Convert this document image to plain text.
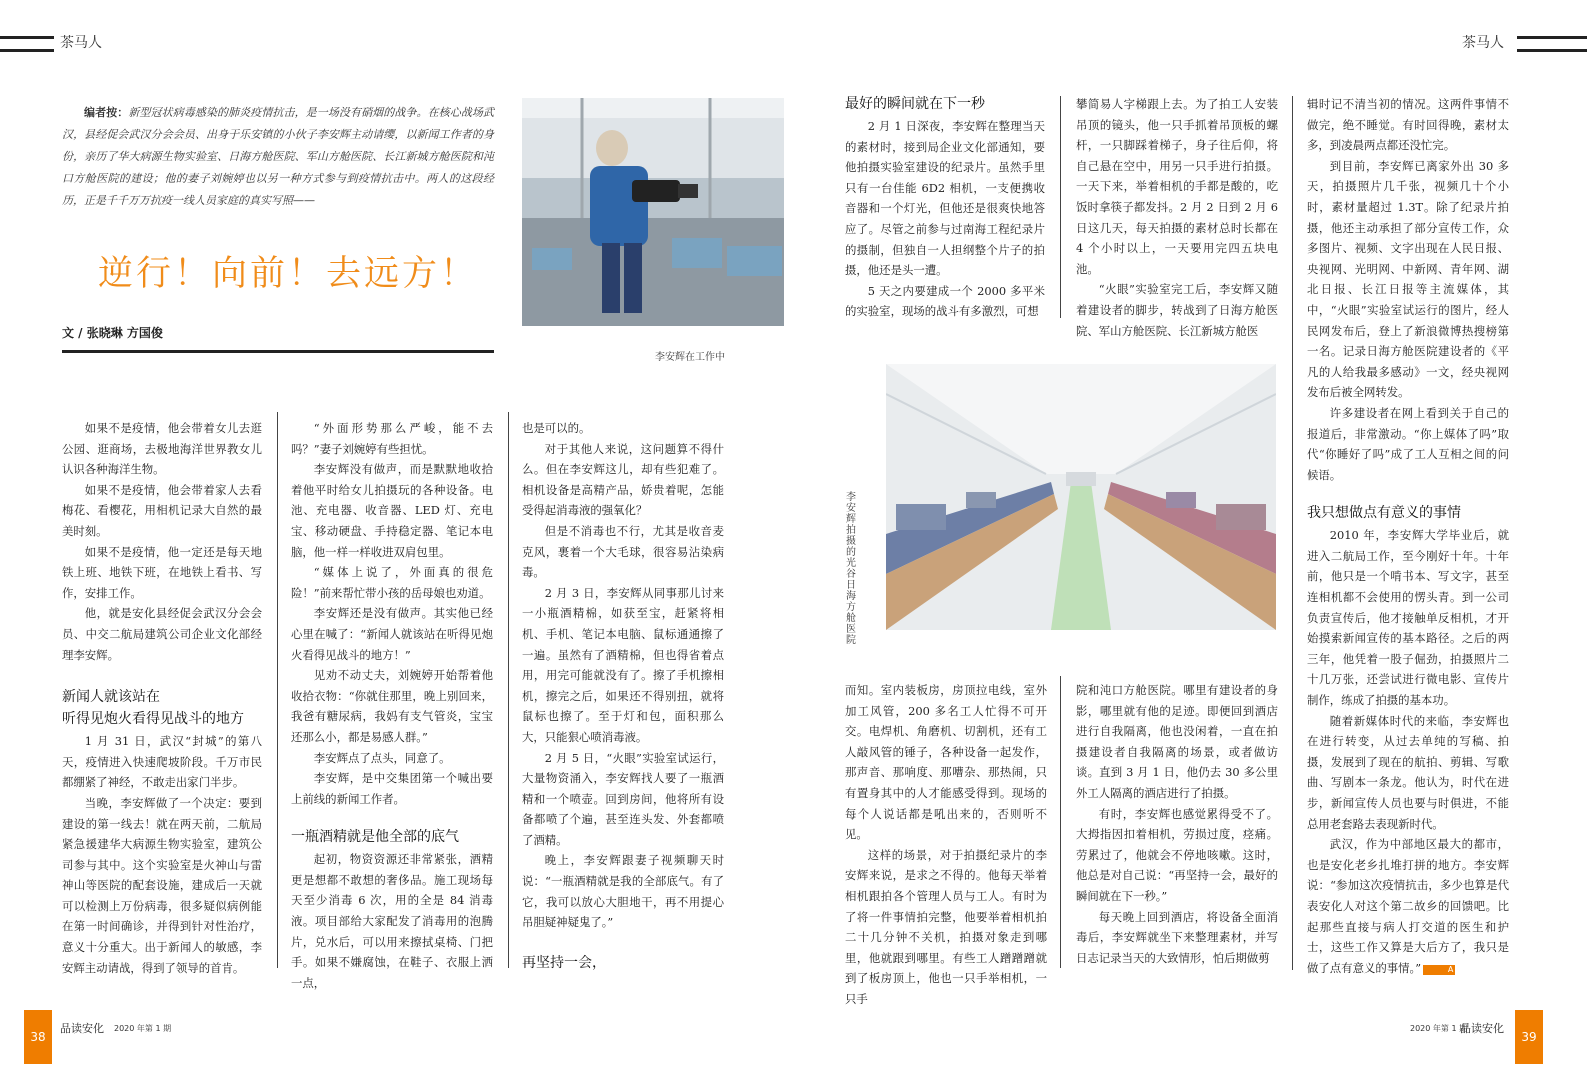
茶马人	茶马人
编者按：新型冠状病毒感染的肺炎疫情抗击，是一场没有硝烟的战争。在核心战场武汉，县经促会武汉分会会员、出身于乐安镇的小伙子李安辉主动请缨，以新闻工作者的身份，亲历了华大病源生物实验室、日海方舱医院、军山方舱医院、长江新城方舱医院和沌口方舱医院的建设；他的妻子刘婉婷也以另一种方式参与到疫情抗击中。两人的这段经历，正是千千万万抗疫一线人员家庭的真实写照——
逆行！向前！去远方！
文 / 张晓琳 方国俊
李安辉在工作中

如果不是疫情，他会带着女儿去逛公园、逛商场，去极地海洋世界教女儿认识各种海洋生物。

如果不是疫情，他会带着家人去看梅花、看樱花，用相机记录大自然的最美时刻。

如果不是疫情，他一定还是每天地铁上班、地铁下班，在地铁上看书、写作，安排工作。

他，就是安化县经促会武汉分会会员、中交二航局建筑公司企业文化部经理李安辉。

新闻人就该站在
听得见炮火看得见战斗的地方

1 月 31 日，武汉“封城”的第八天，疫情进入快速爬坡阶段。千万市民都绷紧了神经，不敢走出家门半步。

当晚，李安辉做了一个决定：要到建设的第一线去！就在两天前，二航局紧急援建华大病源生物实验室，建筑公司参与其中。这个实验室是火神山与雷神山等医院的配套设施，建成后一天就可以检测上万份病毒，很多疑似病例能在第一时间确诊，并得到针对性治疗，意义十分重大。出于新闻人的敏感，李安辉主动请战，得到了领导的首肯。

“外面形势那么严峻，能不去吗？”妻子刘婉婷有些担忧。

李安辉没有做声，而是默默地收拾着他平时给女儿拍摄玩的各种设备。电池、充电器、收音器、LED 灯、充电宝、移动硬盘、手持稳定器、笔记本电脑，他一样一样收进双肩包里。

“媒体上说了，外面真的很危险！”前来帮忙带小孩的岳母娘也劝道。

李安辉还是没有做声。其实他已经心里在喊了：“新闻人就该站在听得见炮火看得见战斗的地方！”

见劝不动丈夫，刘婉婷开始帮着他收拾衣物：“你就住那里，晚上别回来，我爸有糖尿病，我妈有支气管炎，宝宝还那么小，都是易感人群。”

李安辉点了点头，同意了。

李安辉，是中交集团第一个喊出要上前线的新闻工作者。

一瓶酒精就是他全部的底气

起初，物资资源还非常紧张，酒精更是想都不敢想的奢侈品。施工现场每天至少消毒 6 次，用的全是 84 消毒液。项目部给大家配发了消毒用的泡腾片，兑水后，可以用来擦拭桌椅、门把手。如果不嫌腐蚀，在鞋子、衣服上洒一点，

也是可以的。

对于其他人来说，这问题算不得什么。但在李安辉这儿，却有些犯难了。相机设备是高精产品，娇贵着呢，怎能受得起消毒液的强氧化？

但是不消毒也不行，尤其是收音麦克风，裹着一个大毛球，很容易沾染病毒。

2 月 3 日，李安辉从同事那儿讨来一小瓶酒精棉，如获至宝，赶紧将相机、手机、笔记本电脑、鼠标通通擦了一遍。虽然有了酒精棉，但也得省着点用，用完可能就没有了。擦了手机擦相机，擦完之后，如果还不得别扭，就将鼠标也擦了。至于灯和包，面积那么大，只能狠心喷消毒液。

2 月 5 日，“火眼”实验室试运行，大量物资涌入，李安辉找人要了一瓶酒精和一个喷壶。回到房间，他将所有设备都喷了个遍，甚至连头发、外套都喷了酒精。

晚上，李安辉跟妻子视频聊天时说：“一瓶酒精就是我的全部底气。有了它，我可以放心大胆地干，再不用提心吊胆疑神疑鬼了。”

再坚持一会，
最好的瞬间就在下一秒

2 月 1 日深夜，李安辉在整理当天的素材时，接到局企业文化部通知，要他拍摄实验室建设的纪录片。虽然手里只有一台佳能 6D2 相机，一支便携收音器和一个灯光，但他还是很爽快地答应了。尽管之前参与过南海工程纪录片的摄制，但独自一人担纲整个片子的拍摄，他还是头一遭。

5 天之内要建成一个 2000 多平米的实验室，现场的战斗有多激烈，可想

攀简易人字梯跟上去。为了拍工人安装吊顶的镜头，他一只手抓着吊顶板的螺杆，一只脚踩着梯子，身子往后仰，将自己悬在空中，用另一只手进行拍摄。一天下来，举着相机的手都是酸的，吃饭时拿筷子都发抖。2 月 2 日到 2 月 6 日这几天，每天拍摄的素材总时长都在 4 个小时以上，一天要用完四五块电池。

“火眼”实验室完工后，李安辉又随着建设者的脚步，转战到了日海方舱医院、军山方舱医院、长江新城方舱医

辑时记不清当初的情况。这两件事情不做完，绝不睡觉。有时回得晚，素材太多，到凌晨两点都还没忙完。

到目前，李安辉已离家外出 30 多天，拍摄照片几千张，视频几十个小时，素材量超过 1.3T。除了纪录片拍摄，他还主动承担了部分宣传工作，众多图片、视频、文字出现在人民日报、央视网、光明网、中新网、青年网、湖北日报、长江日报等主流媒体，其中，“火眼”实验室试运行的图片，经人民网发布后，登上了新浪微博热搜榜第一名。记录日海方舱医院建设者的《平凡的人给我最多感动》一文，经央视网发布后被全网转发。

许多建设者在网上看到关于自己的报道后，非常激动。“你上媒体了吗”取代“你睡好了吗”成了工人互相之间的问候语。

我只想做点有意义的事情

2010 年，李安辉大学毕业后，就进入二航局工作，至今刚好十年。十年前，他只是一个啃书本、写文字，甚至连相机都不会使用的愣头青。到一公司负责宣传后，他才接触单反相机，才开始摸索新闻宣传的基本路径。之后的两三年，他凭着一股子倔劲，拍摄照片二十几万张，还尝试进行微电影、宣传片制作，练成了拍摄的基本功。

随着新媒体时代的来临，李安辉也在进行转变，从过去单纯的写稿、拍摄，发展到了现在的航拍、剪辑、写歌曲、写剧本一条龙。他认为，时代在进步，新闻宣传人员也要与时俱进，不能总用老套路去表现新时代。

武汉，作为中部地区最大的都市，也是安化老乡扎堆打拼的地方。李安辉说：“参加这次疫情抗击，多少也算是代表安化人对这个第二故乡的回馈吧。比起那些直接与病人打交道的医生和护士，这些工作又算是大后方了，我只是做了点有意义的事情。”	A

李安辉拍摄的光谷日海方舱医院

而知。室内装板房，房顶拉电线，室外加工风管，200 多名工人忙得不可开交。电焊机、角磨机、切割机，还有工人敲风管的锤子，各种设备一起发作，那声音、那响度、那嘈杂、那热闹，只有置身其中的人才能感受得到。现场的每个人说话都是吼出来的，否则听不见。

这样的场景，对于拍摄纪录片的李安辉来说，是求之不得的。他每天举着相机跟拍各个管理人员与工人。有时为了将一件事情拍完整，他要举着相机拍二十几分钟不关机，拍摄对象走到哪里，他就跟到哪里。有些工人蹭蹭蹭就到了板房顶上，他也一只手举相机，一只手

院和沌口方舱医院。哪里有建设者的身影，哪里就有他的足迹。即便回到酒店进行自我隔离，他也没闲着，一直在拍摄建设者自我隔离的场景，或者做访谈。直到 3 月 1 日，他仍去 30 多公里外工人隔离的酒店进行了拍摄。

有时，李安辉也感觉累得受不了。大拇指因扣着相机，劳损过度，痉痛。劳累过了，他就会不停地咳嗽。这时，他总是对自己说：“再坚持一会，最好的瞬间就在下一秒。”

每天晚上回到酒店，将设备全面消毒后，李安辉就坐下来整理素材，并写日志记录当天的大致情形，怕后期做剪

38
品读安化 2020 年第 1 期	2020 年第 1 期
品读安化
39
